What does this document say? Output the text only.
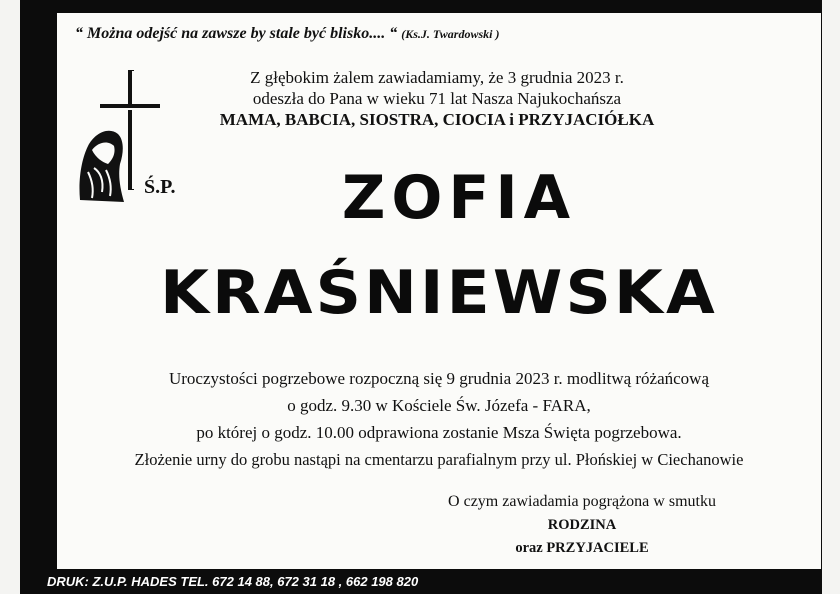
“ Można odejść na zawsze by stale być blisko.... “ (Ks.J. Twardowski )
Z głębokim żalem zawiadamiamy, że 3 grudnia 2023 r.
odeszła do Pana w wieku 71 lat Nasza Najukochańsza
MAMA, BABCIA, SIOSTRA, CIOCIA i PRZYJACIÓŁKA
Ś.P.	ZOFIA
KRAŚNIEWSKA
Uroczystości pogrzebowe rozpoczną się 9 grudnia 2023 r. modlitwą różańcową
o godz. 9.30 w Kościele Św. Józefa - FARA,
po której o godz. 10.00 odprawiona zostanie Msza Święta pogrzebowa.
Złożenie urny do grobu nastąpi na cmentarzu parafialnym przy ul. Płońskiej w Ciechanowie
O czym zawiadamia pogrążona w smutku
RODZINA
oraz PRZYJACIELE
DRUK: Z.U.P. HADES TEL. 672 14 88, 672 31 18 , 662 198 820
